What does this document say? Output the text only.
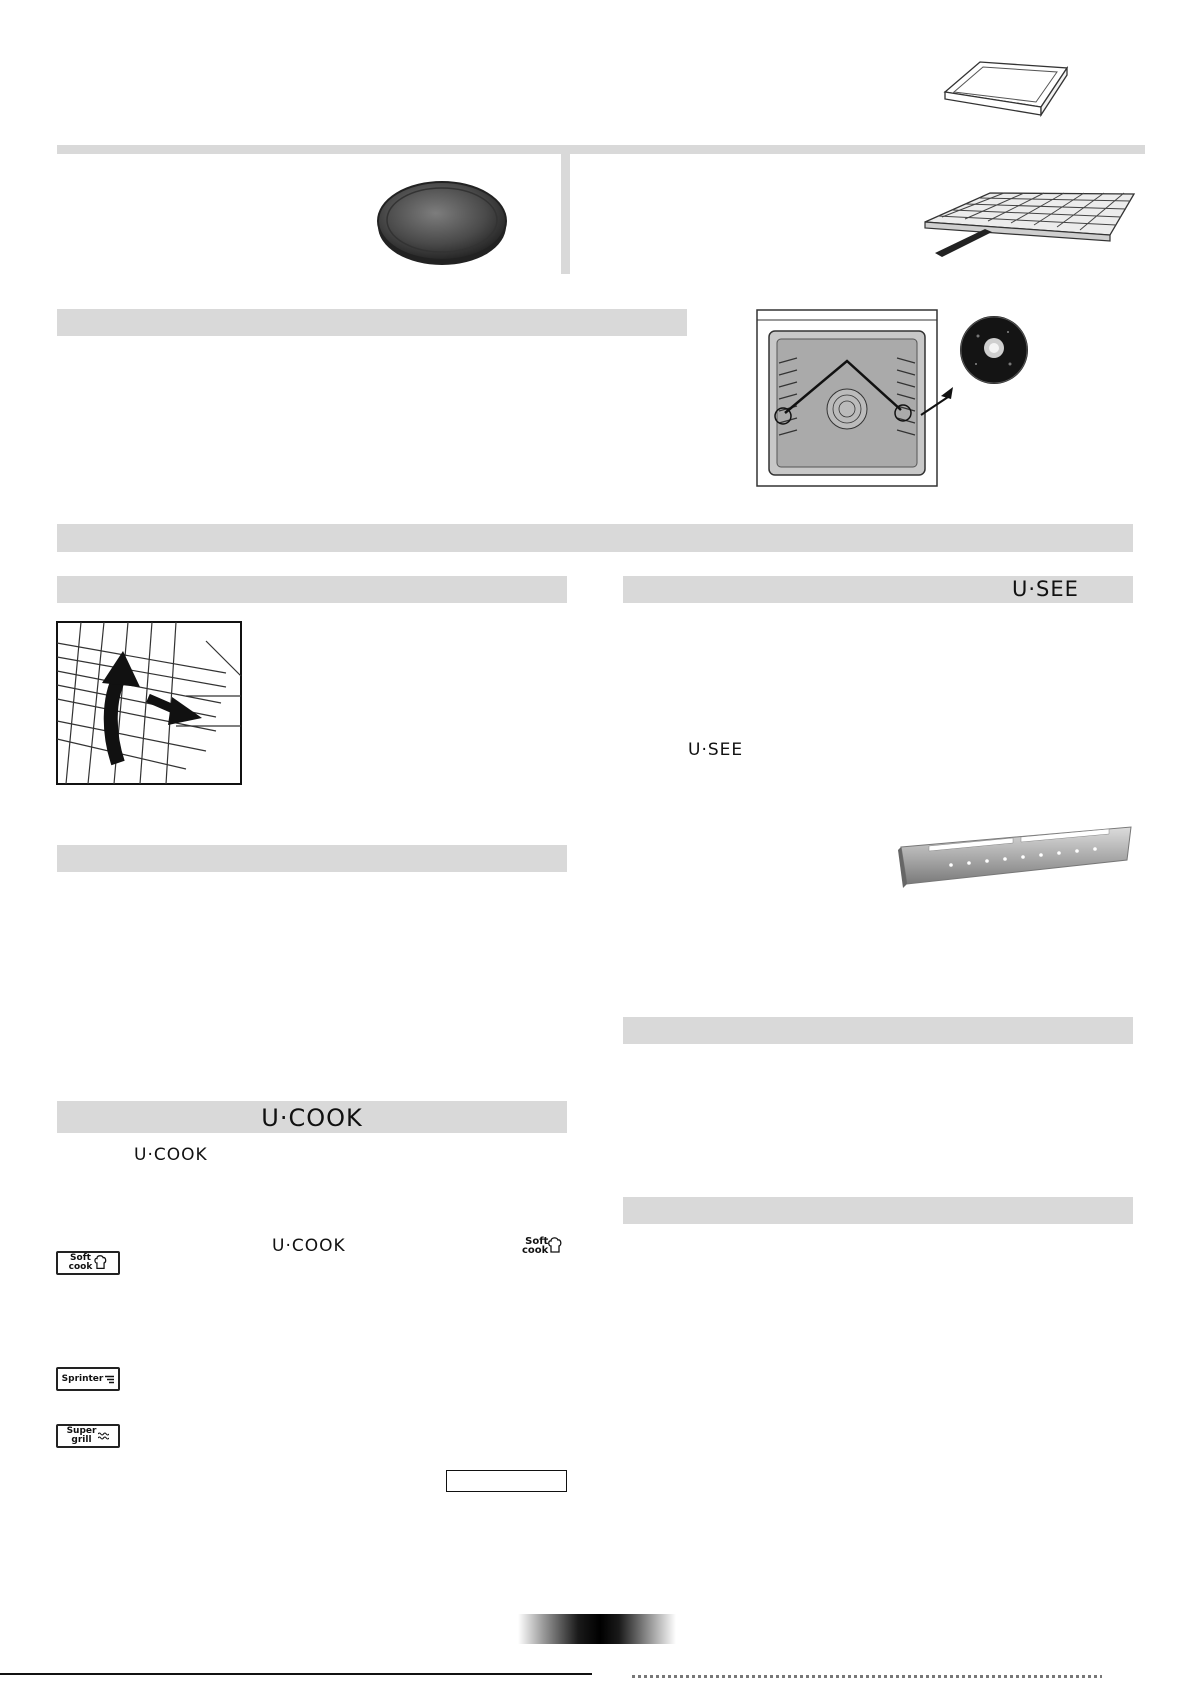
U·COOK
U·COOK
U·COOK	Soft
cook
Soft
cook
Sprinter
Super
grill
U·SEE
U·SEE
